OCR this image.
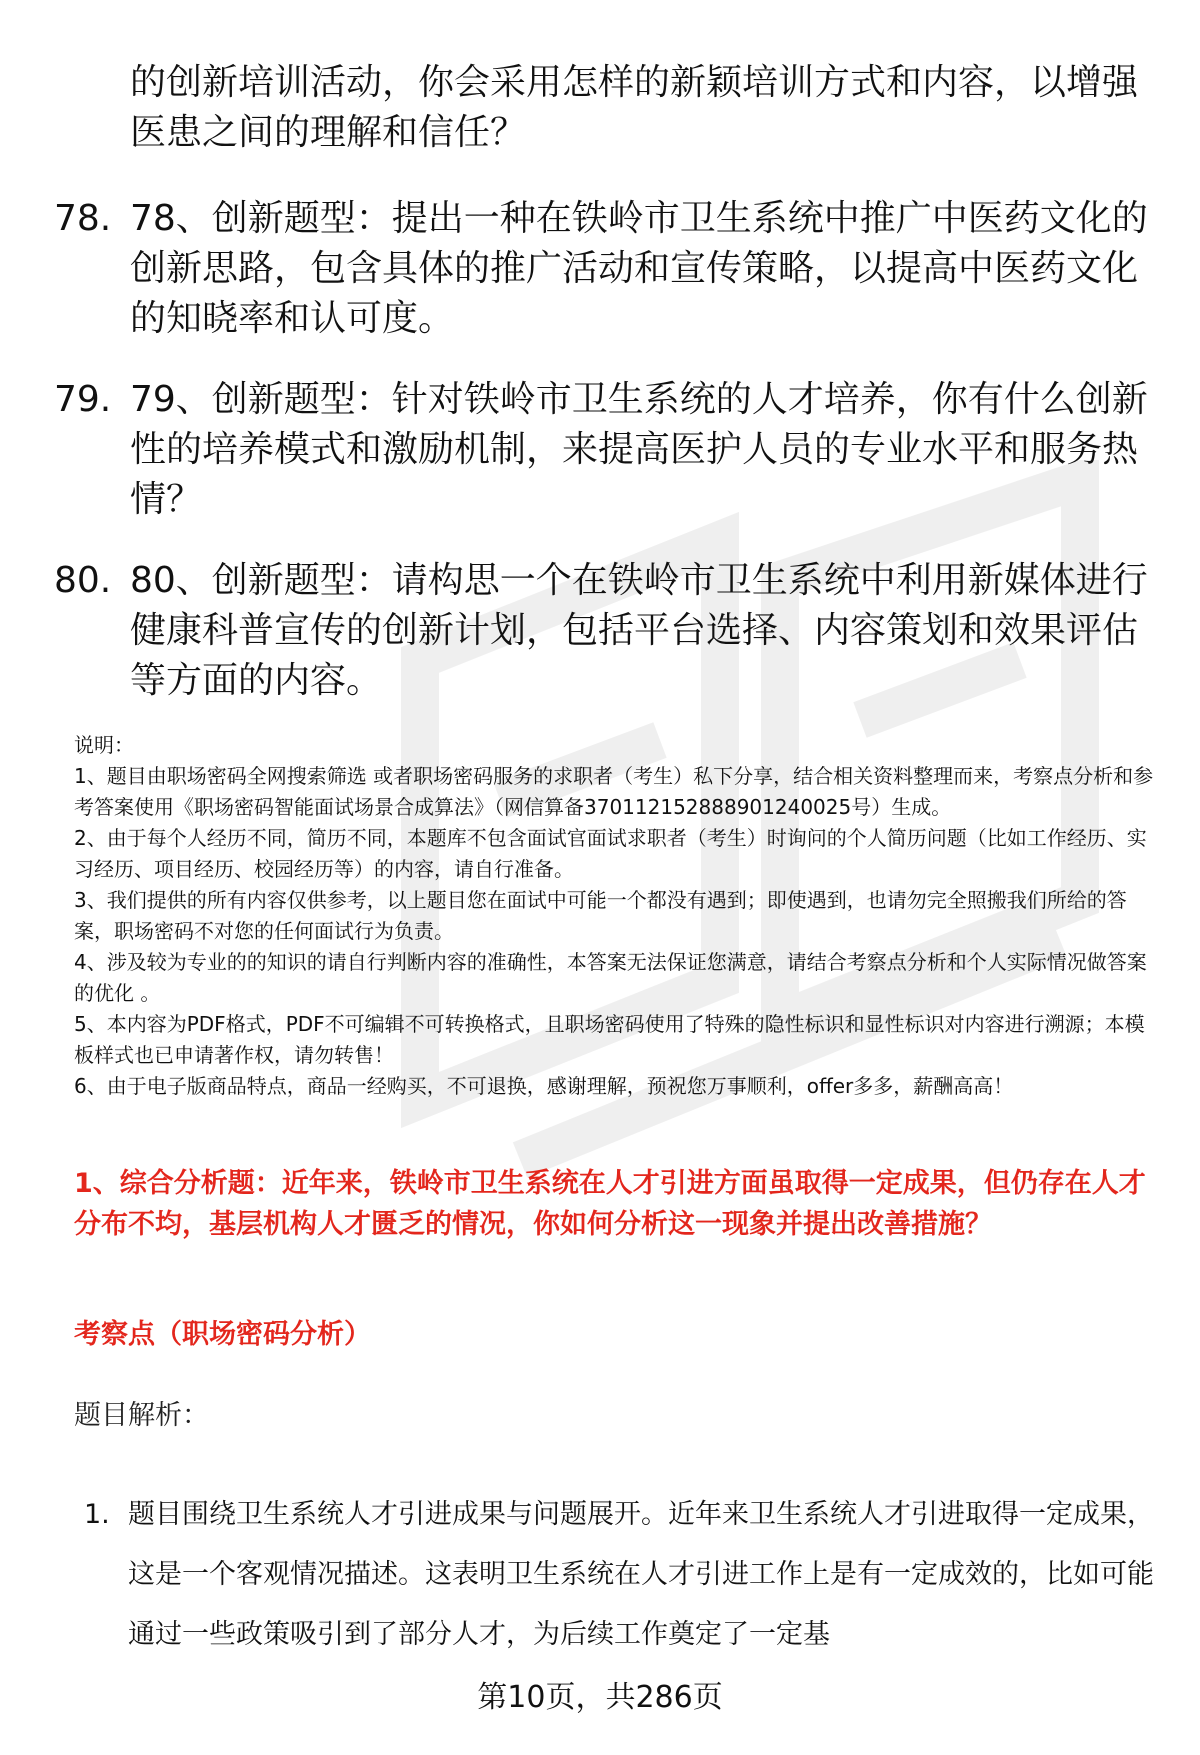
的创新培训活动，你会采用怎样的新颖培训方式和内容，以增强医患之间的理解和信任？

78. 78、创新题型：提出一种在铁岭市卫生系统中推广中医药文化的创新思路，包含具体的推广活动和宣传策略，以提高中医药文化的知晓率和认可度。
79. 79、创新题型：针对铁岭市卫生系统的人才培养，你有什么创新性的培养模式和激励机制，来提高医护人员的专业水平和服务热情？
80. 80、创新题型：请构思一个在铁岭市卫生系统中利用新媒体进行健康科普宣传的创新计划，包括平台选择、内容策划和效果评估等方面的内容。

说明：

1、题目由职场密码全网搜索筛选 或者职场密码服务的求职者（考生）私下分享，结合相关资料整理而来，考察点分析和参考答案使用《职场密码智能面试场景合成算法》（网信算备370112152888901240025号）生成。

2、由于每个人经历不同，简历不同，本题库不包含面试官面试求职者（考生）时询问的个人简历问题（比如工作经历、实习经历、项目经历、校园经历等）的内容，请自行准备。

3、我们提供的所有内容仅供参考，以上题目您在面试中可能一个都没有遇到；即使遇到，也请勿完全照搬我们所给的答案，职场密码不对您的任何面试行为负责。

4、涉及较为专业的的知识的请自行判断内容的准确性，本答案无法保证您满意，请结合考察点分析和个人实际情况做答案的优化 。

5、本内容为PDF格式，PDF不可编辑不可转换格式，且职场密码使用了特殊的隐性标识和显性标识对内容进行溯源；本模板样式也已申请著作权，请勿转售！

6、由于电子版商品特点，商品一经购买，不可退换，感谢理解，预祝您万事顺利，offer多多，薪酬高高！

1、综合分析题：近年来，铁岭市卫生系统在人才引进方面虽取得一定成果，但仍存在人才分布不均，基层机构人才匮乏的情况，你如何分析这一现象并提出改善措施？

考察点（职场密码分析）

题目解析：

1. 题目围绕卫生系统人才引进成果与问题展开。近年来卫生系统人才引进取得一定成果，这是一个客观情况描述。这表明卫生系统在人才引进工作上是有一定成效的，比如可能通过一些政策吸引到了部分人才，为后续工作奠定了一定基
第10页，共286页
